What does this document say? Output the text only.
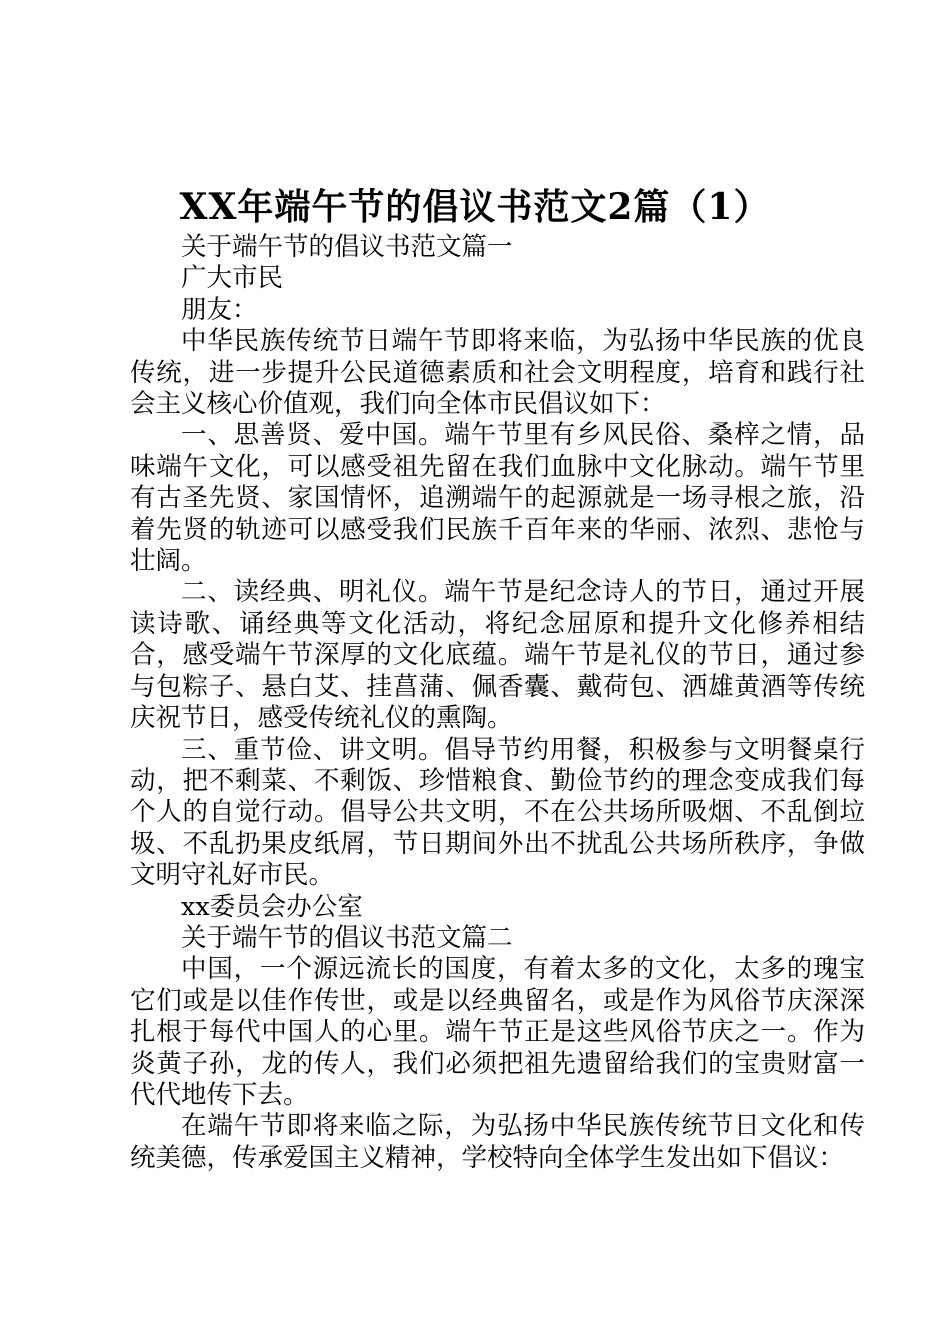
XX年端午节的倡议书范文2篇（1）

关于端午节的倡议书范文篇一

广大市民

朋友：

中华民族传统节日端午节即将来临，为弘扬中华民族的优良传统，进一步提升公民道德素质和社会文明程度，培育和践行社会主义核心价值观，我们向全体市民倡议如下：

一、思善贤、爱中国。端午节里有乡风民俗、桑梓之情，品味端午文化，可以感受祖先留在我们血脉中文化脉动。端午节里有古圣先贤、家国情怀，追溯端午的起源就是一场寻根之旅，沿着先贤的轨迹可以感受我们民族千百年来的华丽、浓烈、悲怆与壮阔。

二、读经典、明礼仪。端午节是纪念诗人的节日，通过开展读诗歌、诵经典等文化活动，将纪念屈原和提升文化修养相结合，感受端午节深厚的文化底蕴。端午节是礼仪的节日，通过参与包粽子、悬白艾、挂菖蒲、佩香囊、戴荷包、洒雄黄酒等传统庆祝节日，感受传统礼仪的熏陶。

三、重节俭、讲文明。倡导节约用餐，积极参与文明餐桌行动，把不剩菜、不剩饭、珍惜粮食、勤俭节约的理念变成我们每个人的自觉行动。倡导公共文明，不在公共场所吸烟、不乱倒垃圾、不乱扔果皮纸屑，节日期间外出不扰乱公共场所秩序，争做文明守礼好市民。

xx委员会办公室

关于端午节的倡议书范文篇二

中国，一个源远流长的国度，有着太多的文化，太多的瑰宝它们或是以佳作传世，或是以经典留名，或是作为风俗节庆深深扎根于每代中国人的心里。端午节正是这些风俗节庆之一。作为炎黄子孙，龙的传人，我们必须把祖先遗留给我们的宝贵财富一代代地传下去。

在端午节即将来临之际，为弘扬中华民族传统节日文化和传统美德，传承爱国主义精神，学校特向全体学生发出如下倡议：
